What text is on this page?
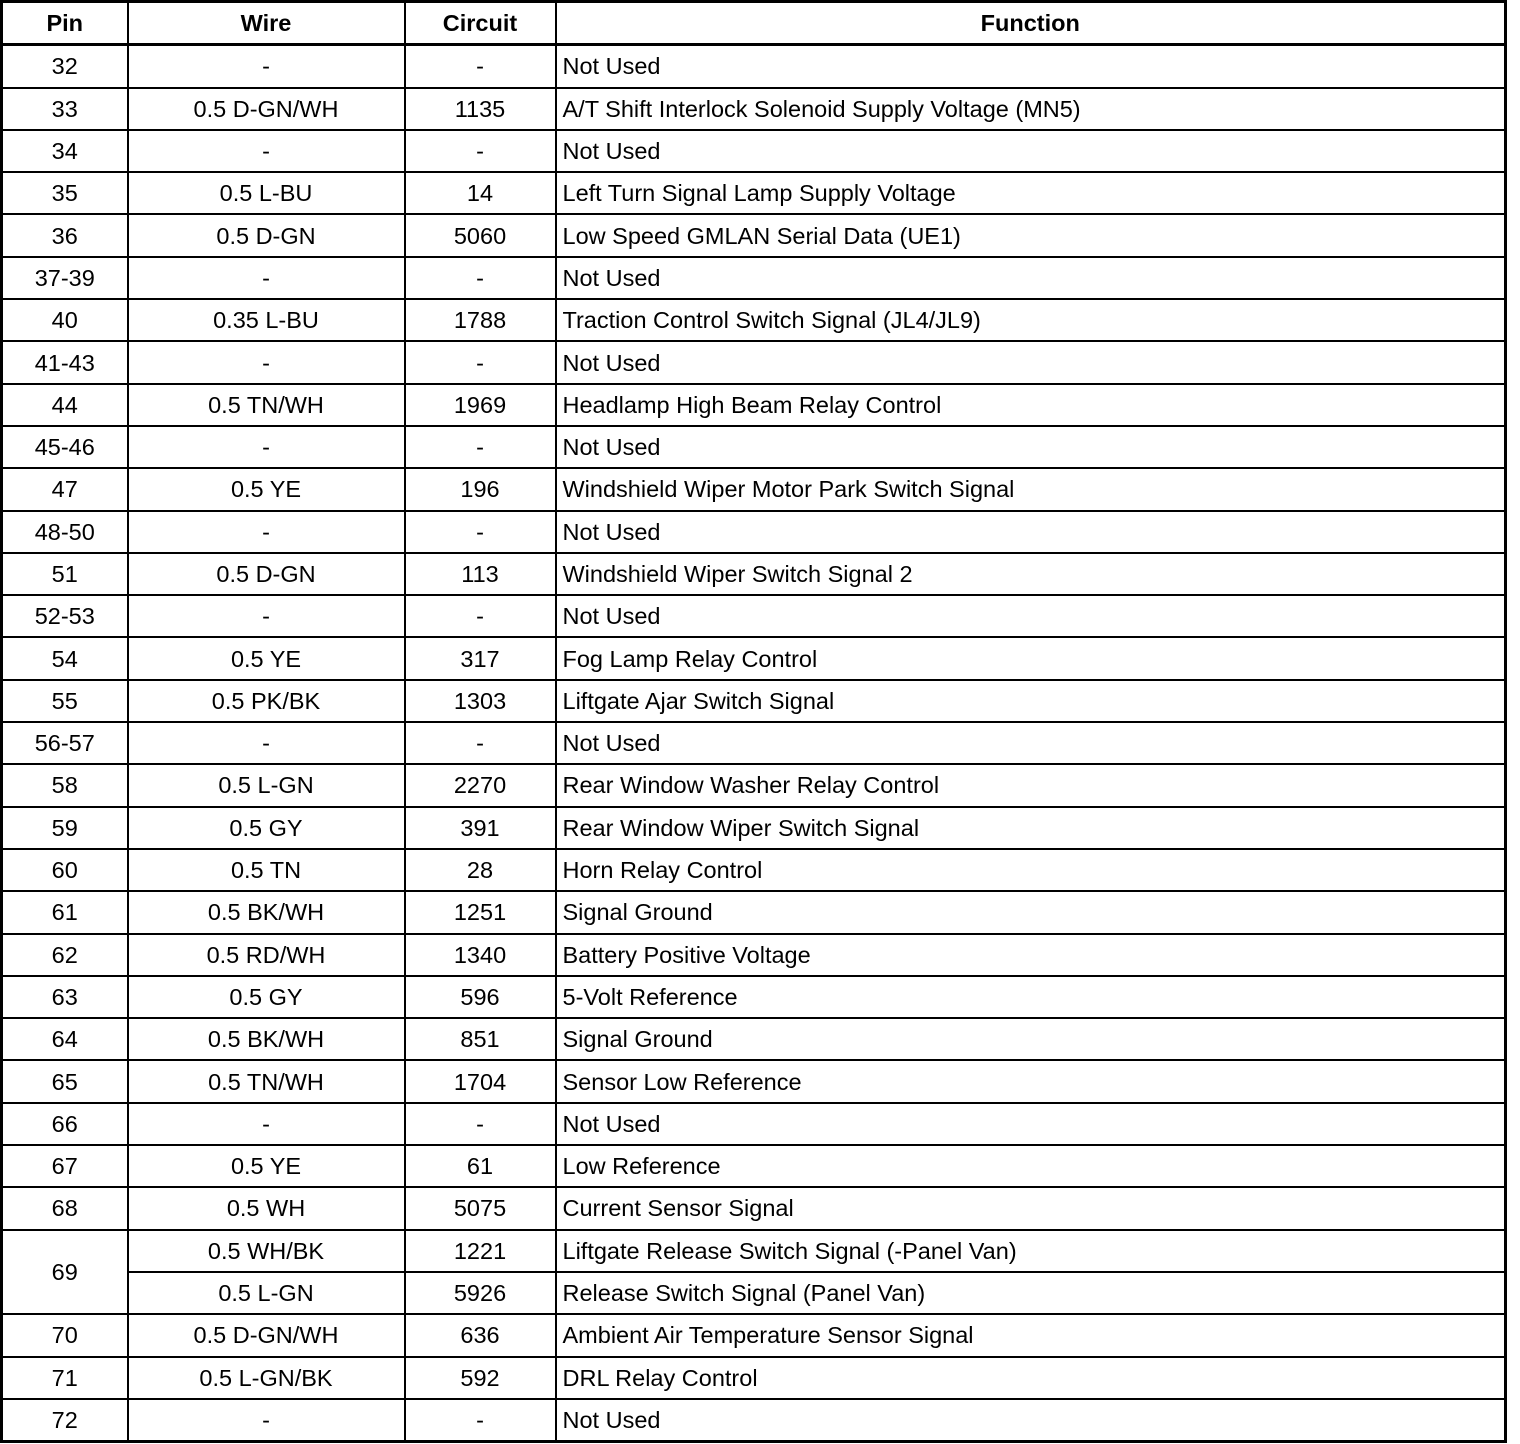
Pin	Wire	Circuit	Function
32	-	-	Not Used
33	0.5 D-GN/WH	1135	A/T Shift Interlock Solenoid Supply Voltage (MN5)
34	-	-	Not Used
35	0.5 L-BU	14	Left Turn Signal Lamp Supply Voltage
36	0.5 D-GN	5060	Low Speed GMLAN Serial Data (UE1)
37-39	-	-	Not Used
40	0.35 L-BU	1788	Traction Control Switch Signal (JL4/JL9)
41-43	-	-	Not Used
44	0.5 TN/WH	1969	Headlamp High Beam Relay Control
45-46	-	-	Not Used
47	0.5 YE	196	Windshield Wiper Motor Park Switch Signal
48-50	-	-	Not Used
51	0.5 D-GN	113	Windshield Wiper Switch Signal 2
52-53	-	-	Not Used
54	0.5 YE	317	Fog Lamp Relay Control
55	0.5 PK/BK	1303	Liftgate Ajar Switch Signal
56-57	-	-	Not Used
58	0.5 L-GN	2270	Rear Window Washer Relay Control
59	0.5 GY	391	Rear Window Wiper Switch Signal
60	0.5 TN	28	Horn Relay Control
61	0.5 BK/WH	1251	Signal Ground
62	0.5 RD/WH	1340	Battery Positive Voltage
63	0.5 GY	596	5-Volt Reference
64	0.5 BK/WH	851	Signal Ground
65	0.5 TN/WH	1704	Sensor Low Reference
66	-	-	Not Used
67	0.5 YE	61	Low Reference
68	0.5 WH	5075	Current Sensor Signal
69	0.5 WH/BK	1221	Liftgate Release Switch Signal (-Panel Van)
	0.5 L-GN	5926	Release Switch Signal (Panel Van)
70	0.5 D-GN/WH	636	Ambient Air Temperature Sensor Signal
71	0.5 L-GN/BK	592	DRL Relay Control
72	-	-	Not Used
